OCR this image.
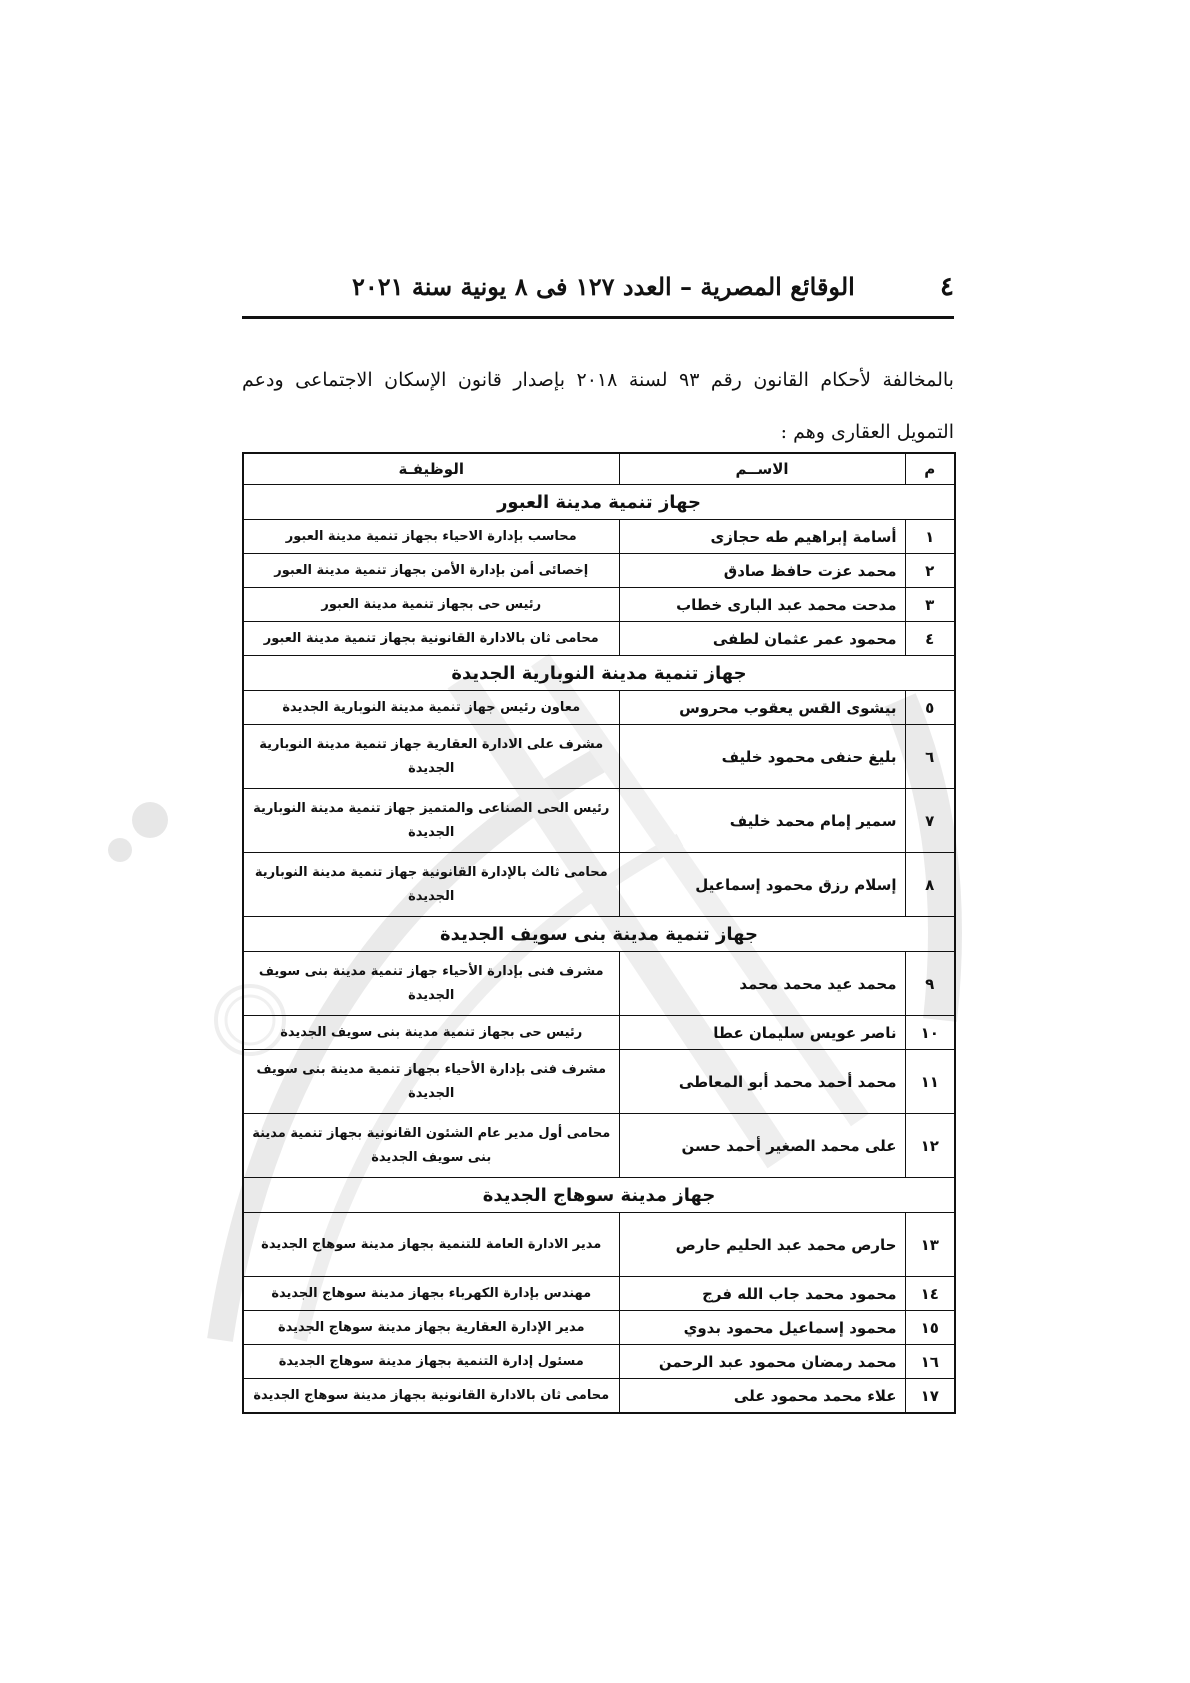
٤
الوقائع المصرية – العدد ١٢٧ فى ٨ يونية سنة ٢٠٢١
بالمخالفة لأحكام القانون رقم ٩٣ لسنة ٢٠١٨ بإصدار قانون الإسكان الاجتماعى ودعم التمويل العقارى وهم :
م	الاســم	الوظيفـة
جهاز تنمية مدينة العبور		
١	أسامة إبراهيم طه حجازى	محاسب بإدارة الاحياء بجهاز تنمية مدينة العبور
٢	محمد عزت حافظ صادق	إخصائى أمن بإدارة الأمن بجهاز تنمية مدينة العبور
٣	مدحت محمد عبد البارى خطاب	رئيس حى بجهاز تنمية مدينة العبور
٤	محمود عمر عثمان لطفى	محامى ثان بالادارة القانونية بجهاز تنمية مدينة العبور
جهاز تنمية مدينة النوبارية الجديدة		
٥	بيشوى القس يعقوب محروس	معاون رئيس جهاز تنمية مدينة النوبارية الجديدة
٦	بليغ حنفى محمود خليف	مشرف على الادارة العقارية جهاز تنمية مدينة النوبارية الجديدة
٧	سمير إمام محمد خليف	رئيس الحى الصناعى والمتميز جهاز تنمية مدينة النوبارية الجديدة
٨	إسلام رزق محمود إسماعيل	محامى ثالث بالإدارة القانونية جهاز تنمية مدينة النوبارية الجديدة
جهاز تنمية مدينة بنى سويف الجديدة		
٩	محمد عيد محمد محمد	مشرف فنى بإدارة الأحياء جهاز تنمية مدينة بنى سويف الجديدة
١٠	ناصر عويس سليمان عطا	رئيس حى بجهاز تنمية مدينة بنى سويف الجديدة
١١	محمد أحمد محمد أبو المعاطى	مشرف فنى بإدارة الأحياء بجهاز تنمية مدينة بنى سويف الجديدة
١٢	على محمد الصغير أحمد حسن	محامى أول مدير عام الشئون القانونية بجهاز تنمية مدينة بنى سويف الجديدة
جهاز مدينة سوهاج الجديدة		
١٣	حارص محمد عبد الحليم حارص	مدير الادارة العامة للتنمية بجهاز مدينة سوهاج الجديدة
١٤	محمود محمد جاب الله فرج	مهندس بإدارة الكهرباء بجهاز مدينة سوهاج الجديدة
١٥	محمود إسماعيل محمود بدوي	مدير الإدارة العقارية بجهاز مدينة سوهاج الجديدة
١٦	محمد رمضان محمود عبد الرحمن	مسئول إدارة التنمية بجهاز مدينة سوهاج الجديدة
١٧	علاء محمد محمود على	محامى ثان بالادارة القانونية بجهاز مدينة سوهاج الجديدة
